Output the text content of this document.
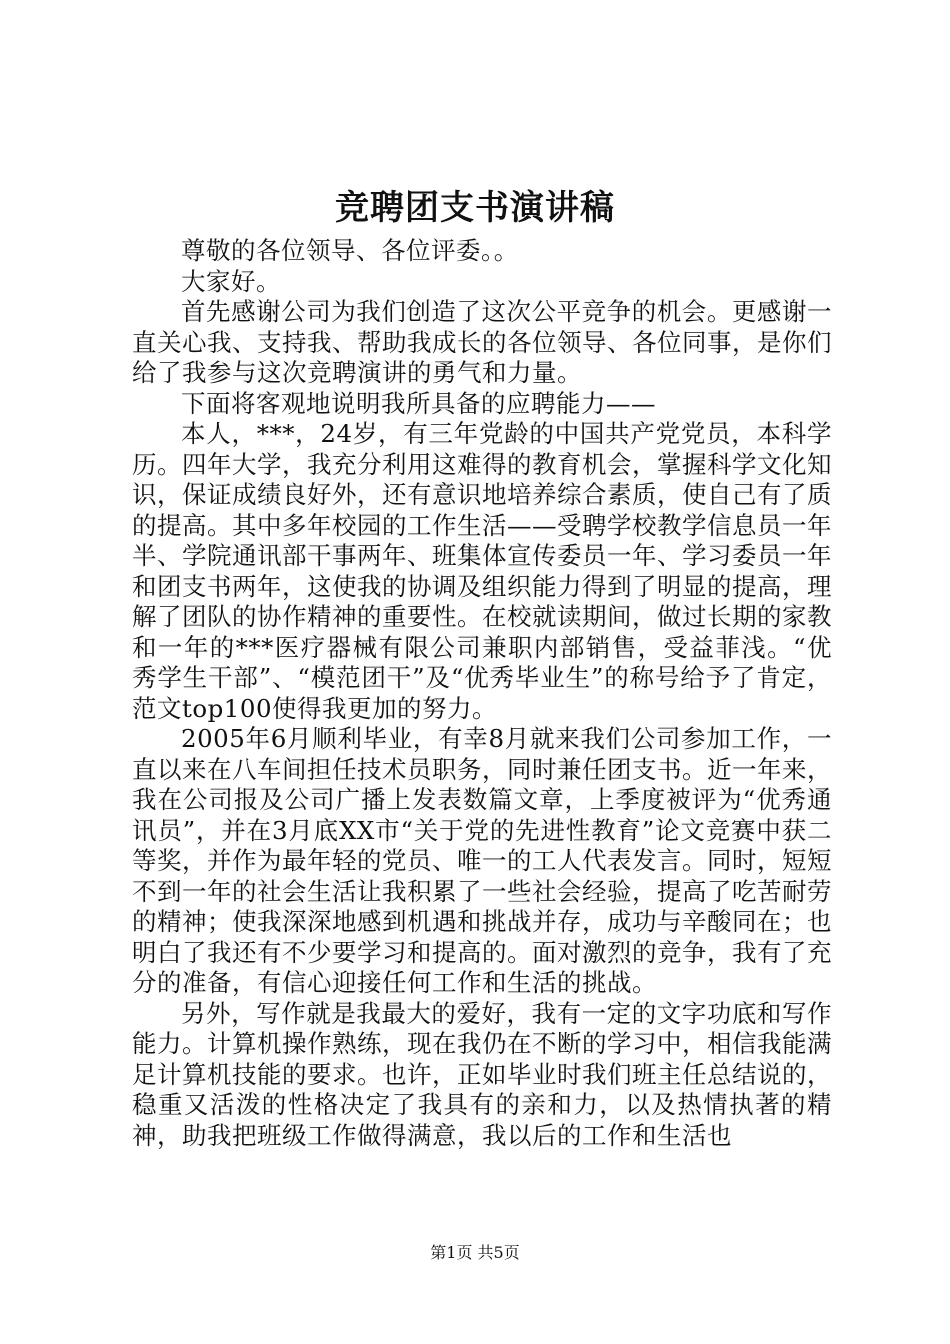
竞聘团支书演讲稿

尊敬的各位领导、各位评委。。

大家好。

首先感谢公司为我们创造了这次公平竞争的机会。更感谢一直关心我、支持我、帮助我成长的各位领导、各位同事，是你们给了我参与这次竞聘演讲的勇气和力量。

下面将客观地说明我所具备的应聘能力——

本人，***，24岁，有三年党龄的中国共产党党员，本科学历。四年大学，我充分利用这难得的教育机会，掌握科学文化知识，保证成绩良好外，还有意识地培养综合素质，使自己有了质的提高。其中多年校园的工作生活——受聘学校教学信息员一年半、学院通讯部干事两年、班集体宣传委员一年、学习委员一年和团支书两年，这使我的协调及组织能力得到了明显的提高，理解了团队的协作精神的重要性。在校就读期间，做过长期的家教和一年的***医疗器械有限公司兼职内部销售，受益菲浅。“优秀学生干部”、“模范团干”及“优秀毕业生”的称号给予了肯定，范文top100使得我更加的努力。

2005年6月顺利毕业，有幸8月就来我们公司参加工作，一直以来在八车间担任技术员职务，同时兼任团支书。近一年来，我在公司报及公司广播上发表数篇文章，上季度被评为“优秀通讯员”，并在3月底XX市“关于党的先进性教育”论文竞赛中获二等奖，并作为最年轻的党员、唯一的工人代表发言。同时，短短不到一年的社会生活让我积累了一些社会经验，提高了吃苦耐劳的精神；使我深深地感到机遇和挑战并存，成功与辛酸同在；也明白了我还有不少要学习和提高的。面对激烈的竞争，我有了充分的准备，有信心迎接任何工作和生活的挑战。

另外，写作就是我最大的爱好，我有一定的文字功底和写作能力。计算机操作熟练，现在我仍在不断的学习中，相信我能满足计算机技能的要求。也许，正如毕业时我们班主任总结说的，稳重又活泼的性格决定了我具有的亲和力，以及热情执著的精神，助我把班级工作做得满意，我以后的工作和生活也

第1页 共5页
